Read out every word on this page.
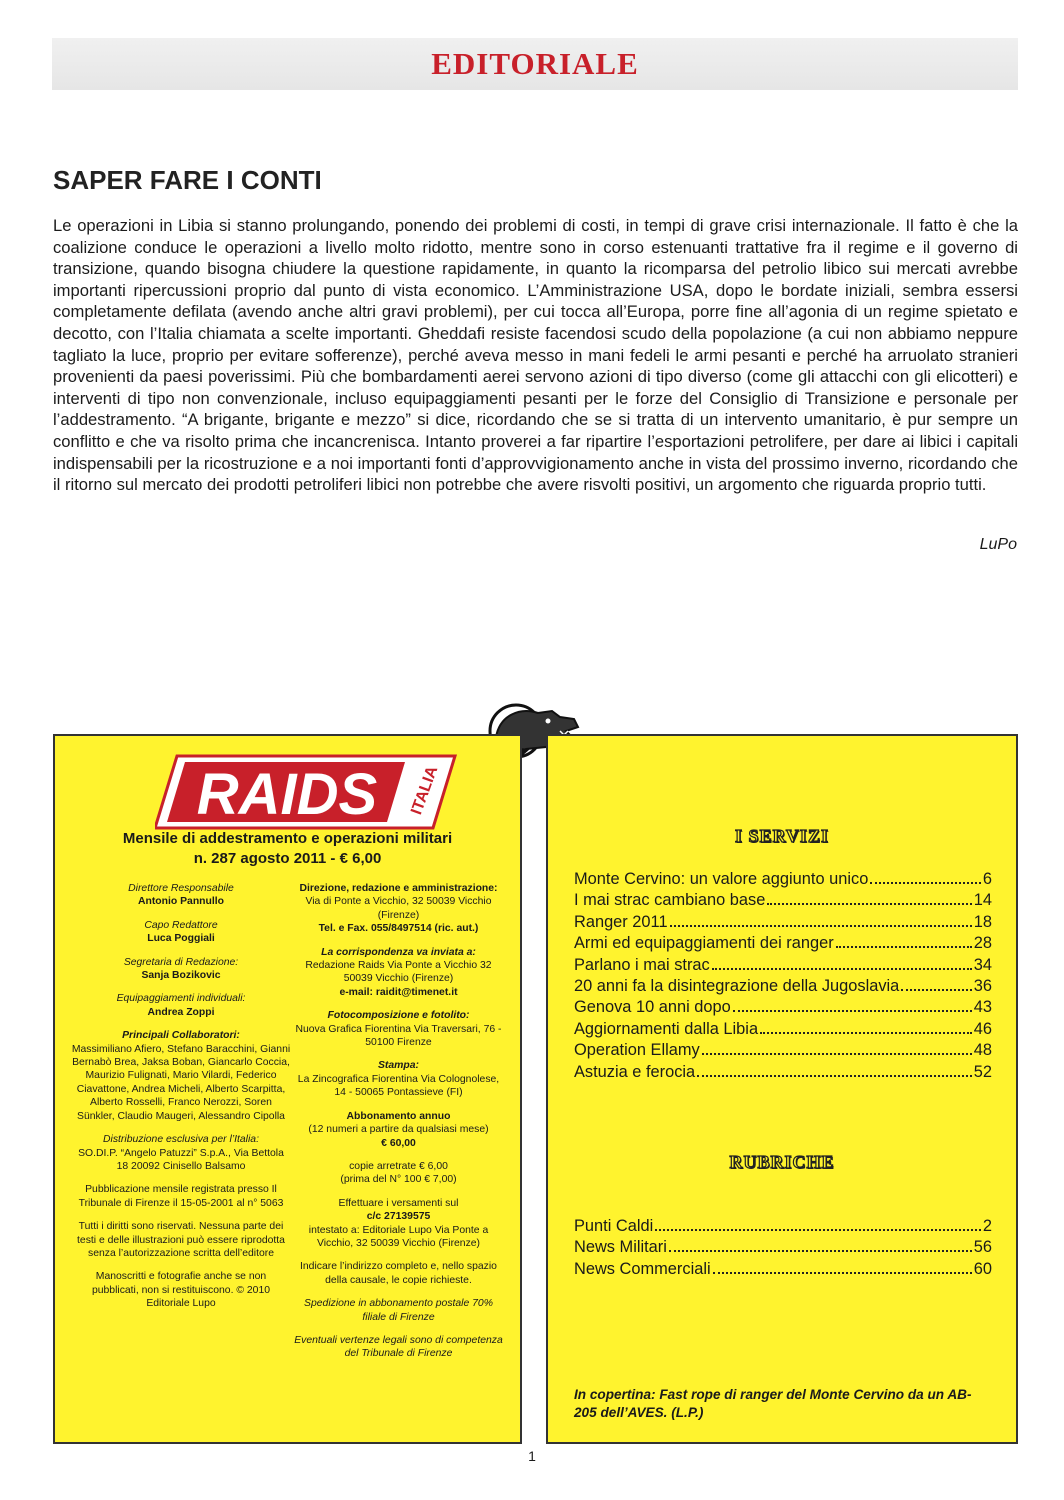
EDITORIALE
SAPER FARE I CONTI
Le operazioni in Libia si stanno prolungando, ponendo dei problemi di costi, in tempi di grave crisi internazionale. Il fatto è che la coalizione conduce le operazioni a livello molto ridotto, mentre sono in corso estenuanti trattative fra il regime e il governo di transizione, quando bisogna chiudere la questione rapidamente, in quanto la ricomparsa del petrolio libico sui mercati avrebbe importanti ripercussioni proprio dal punto di vista economico. L’Amministrazione USA, dopo le bordate iniziali, sembra essersi completamente defilata (avendo anche altri gravi problemi), per cui tocca all’Europa, porre fine all’agonia di un regime spietato e decotto, con l’Italia chiamata a scelte importanti. Gheddafi resiste facendosi scudo della popolazione (a cui non abbiamo neppure tagliato la luce, proprio per evitare sofferenze), perché aveva messo in mani fedeli le armi pesanti e perché ha arruolato stranieri provenienti da paesi poverissimi. Più che bombardamenti aerei servono azioni di tipo diverso (come gli attacchi con gli elicotteri) e interventi di tipo non convenzionale, incluso equipaggiamenti pesanti per le forze del Consiglio di Transizione e personale per l’addestramento. “A brigante, brigante e mezzo” si dice, ricordando che se si tratta di un intervento umanitario, è pur sempre un conflitto e che va risolto prima che incancrenisca. Intanto proverei a far ripartire l’esportazioni petrolifere, per dare ai libici i capitali indispensabili per la ricostruzione e a noi importanti fonti d’approvvigionamento anche in vista del prossimo inverno, ricordando che il ritorno sul mercato dei prodotti petroliferi libici non potrebbe che avere risvolti positivi, un argomento che riguarda proprio tutti.
LuPo
RAIDS ITALIA
Mensile di addestramento e operazioni militari
n. 287 agosto 2011 - € 6,00
Direttore Responsabile
Antonio Pannullo
Capo Redattore
Luca Poggiali
Segretaria di Redazione:
Sanja Bozikovic
Equipaggiamenti individuali:
Andrea Zoppi
Principali Collaboratori:
Massimiliano Afiero, Stefano Baracchini, Gianni Bernabò Brea, Jaksa Boban, Giancarlo Coccia, Maurizio Fulignati, Mario Vilardi, Federico Ciavattone, Andrea Micheli, Alberto Scarpitta, Alberto Rosselli, Franco Nerozzi, Soren Sünkler, Claudio Maugeri, Alessandro Cipolla
Distribuzione esclusiva per l’Italia:
SO.DI.P. “Angelo Patuzzi” S.p.A., Via Bettola 18 20092 Cinisello Balsamo
Pubblicazione mensile registrata presso Il Tribunale di Firenze il 15-05-2001 al n° 5063
Tutti i diritti sono riservati. Nessuna parte dei testi e delle illustrazioni può essere riprodotta senza l’autorizzazione scritta dell’editore
Manoscritti e fotografie anche se non pubblicati, non si restituiscono. © 2010 Editoriale Lupo
Direzione, redazione e amministrazione:
Via di Ponte a Vicchio, 32 50039 Vicchio (Firenze)
Tel. e Fax. 055/8497514 (ric. aut.)
La corrispondenza va inviata a:
Redazione Raids Via Ponte a Vicchio 32 50039 Vicchio (Firenze)
e-mail: raidit@timenet.it
Fotocomposizione e fotolito:
Nuova Grafica Fiorentina Via Traversari, 76 - 50100 Firenze
Stampa:
La Zincografica Fiorentina Via Colognolese, 14 - 50065 Pontassieve (FI)
Abbonamento annuo
(12 numeri a partire da qualsiasi mese)
€ 60,00
copie arretrate € 6,00
(prima del N° 100 € 7,00)
Effettuare i versamenti sul
c/c 27139575
intestato a: Editoriale Lupo Via Ponte a Vicchio, 32 50039 Vicchio (Firenze)
Indicare l’indirizzo completo e, nello spazio della causale, le copie richieste.
Spedizione in abbonamento postale 70% filiale di Firenze
Eventuali vertenze legali sono di competenza del Tribunale di Firenze
I SERVIZI
Monte Cervino: un valore aggiunto unico	6
I mai strac cambiano base	14
Ranger 2011	18
Armi ed equipaggiamenti dei ranger	28
Parlano i mai strac	34
20 anni fa la disintegrazione della Jugoslavia	36
Genova 10 anni dopo	43
Aggiornamenti dalla Libia	46
Operation Ellamy	48
Astuzia e ferocia	52
RUBRICHE
Punti Caldi	2
News Militari	56
News Commerciali	60
In copertina: Fast rope di ranger del Monte Cervino da un AB-205 dell’AVES. (L.P.)
1
